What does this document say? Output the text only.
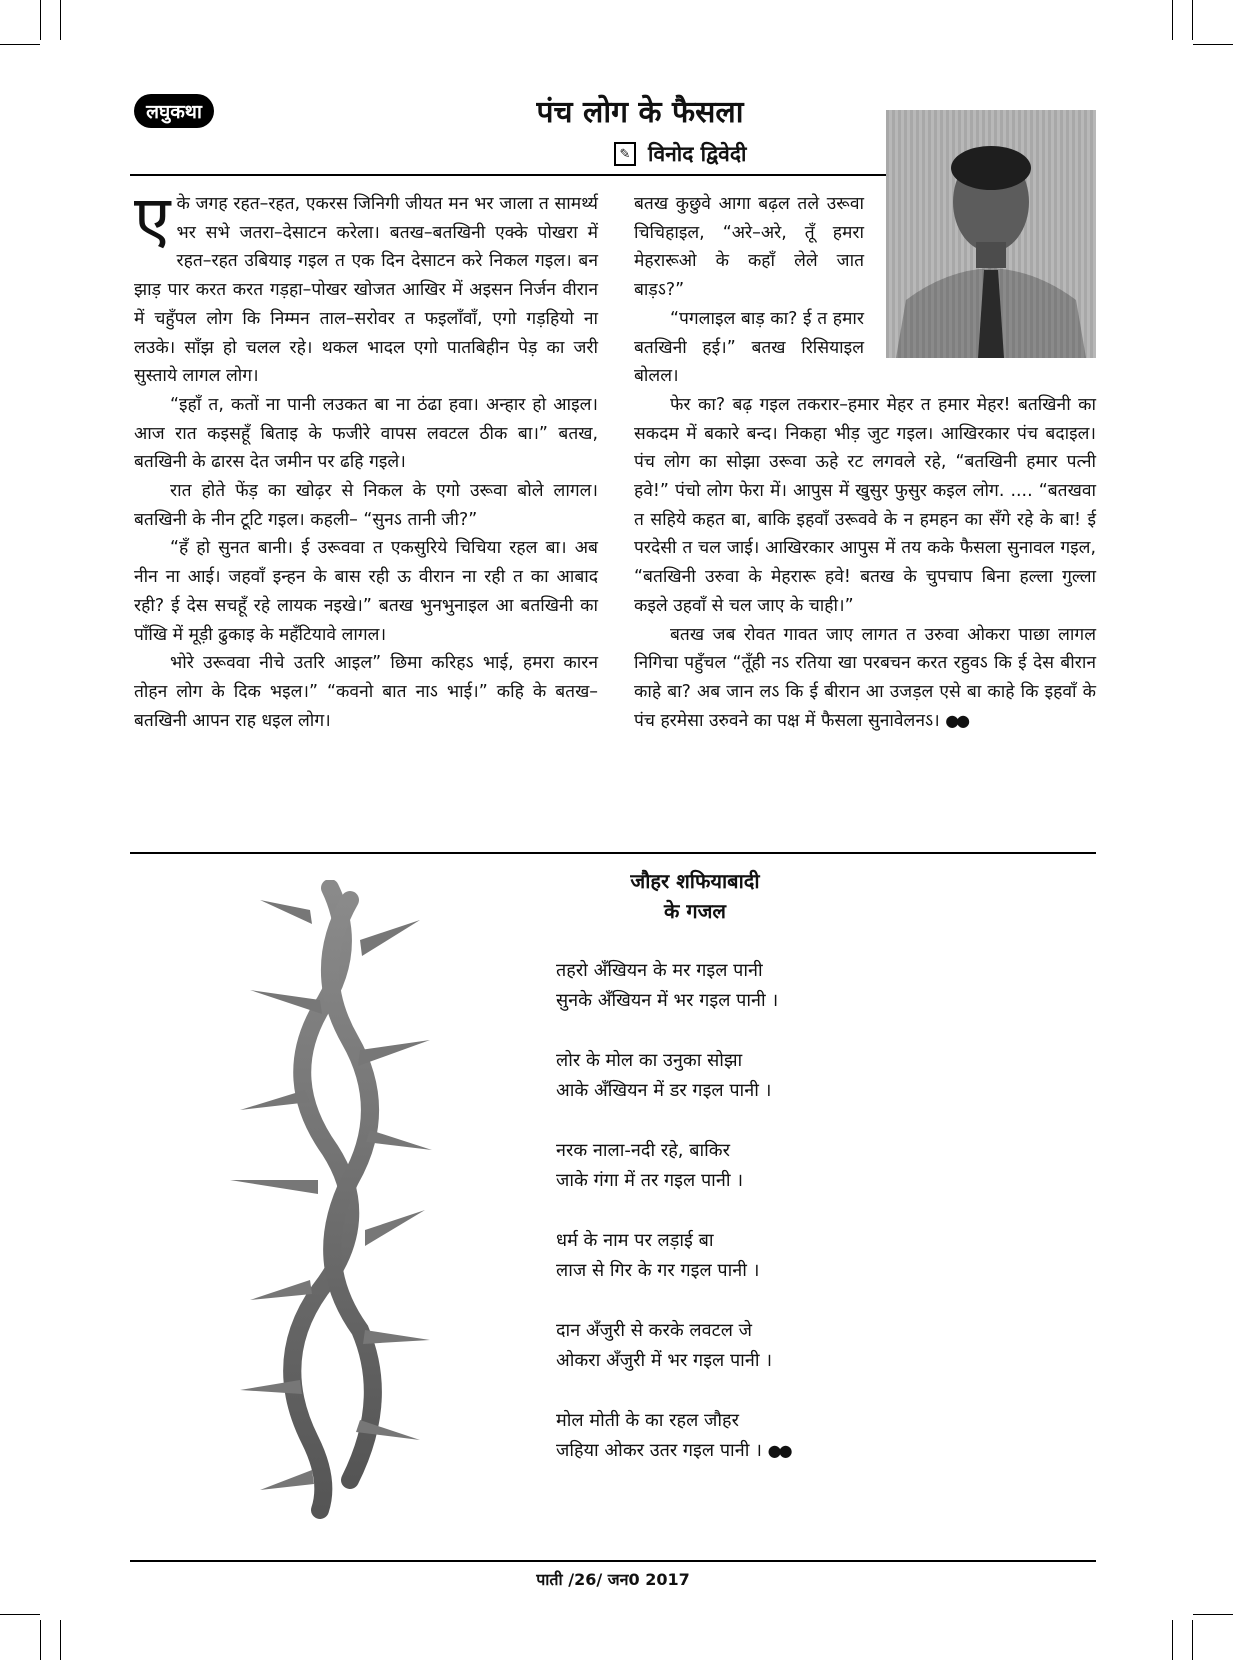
लघुकथा	पंच लोग के फैसला
✎ विनोद द्विवेदी

एके जगह रहत–रहत, एकरस जिनिगी जीयत मन भर जाला त सामर्थ्य भर सभे जतरा–देसाटन करेला। बतख–बतखिनी एक्के पोखरा में रहत–रहत उबियाइ गइल त एक दिन देसाटन करे निकल गइल। बन झाड़ पार करत करत गड़हा–पोखर खोजत आखिर में अइसन निर्जन वीरान में चहुँपल लोग कि निम्मन ताल–सरोवर त फइलाँवाँ, एगो गड़हियो ना लउके। साँझ हो चलल रहे। थकल भादल एगो पातबिहीन पेड़ का जरी सुस्ताये लागल लोग।

“इहाँ त, कतों ना पानी लउकत बा ना ठंढा हवा। अन्हार हो आइल। आज रात कइसहूँ बिताइ के फजीरे वापस लवटल ठीक बा।” बतख, बतखिनी के ढारस देत जमीन पर ढहि गइले।

रात होते फेंड़ का खोढ़र से निकल के एगो उरूवा बोले लागल। बतखिनी के नीन टूटि गइल। कहली– “सुनऽ तानी जी?”

“हँ हो सुनत बानी। ई उरूववा त एकसुरिये चिचिया रहल बा। अब नीन ना आई। जहवाँ इन्हन के बास रही ऊ वीरान ना रही त का आबाद रही? ई देस सचहूँ रहे लायक नइखे।” बतख भुनभुनाइल आ बतखिनी का पाँखि में मूड़ी ढुकाइ के महँटियावे लागल।

भोरे उरूववा नीचे उतरि आइल” छिमा करिहऽ भाई, हमरा कारन तोहन लोग के दिक भइल।” “कवनो बात नाऽ भाई।” कहि के बतख–बतखिनी आपन राह धइल लोग।

बतख कुछुवे आगा बढ़ल तले उरूवा चिचिहाइल, “अरे–अरे, तूँ हमरा मेहरारूओ के कहाँ लेले जात बाड़ऽ?”

“पगलाइल बाड़ का? ई त हमार बतखिनी हई।” बतख रिसियाइल बोलल।

फेर का? बढ़ गइल तकरार–हमार मेहर त हमार मेहर! बतखिनी का सकदम में बकारे बन्द। निकहा भीड़ जुट गइल। आखिरकार पंच बदाइल। पंच लोग का सोझा उरूवा ऊहे रट लगवले रहे, “बतखिनी हमार पत्नी हवे!” पंचो लोग फेरा में। आपुस में खुसुर फुसुर कइल लोग. .... “बतखवा त सहिये कहत बा, बाकि इहवाँ उरूववे के न हमहन का सँगे रहे के बा! ई परदेसी त चल जाई। आखिरकार आपुस में तय कके फैसला सुनावल गइल, “बतखिनी उरुवा के मेहरारू हवे! बतख के चुपचाप बिना हल्ला गुल्ला कइले उहवाँ से चल जाए के चाही।”

बतख जब रोवत गावत जाए लागत त उरुवा ओकरा पाछा लागल निगिचा पहुँचल “तूँही नऽ रतिया खा परबचन करत रहुवऽ कि ई देस बीरान काहे बा? अब जान लऽ कि ई बीरान आ उजड़ल एसे बा काहे कि इहवाँ के पंच हरमेसा उरुवने का पक्ष में फैसला सुनावेलनऽ। ●●

जौहर शफियाबादी
के गजल
तहरो अँखियन के मर गइल पानी
सुनके अँखियन में भर गइल पानी ।
लोर के मोल का उनुका सोझा
आके अँखियन में डर गइल पानी ।
नरक नाला-नदी रहे, बाकिर
जाके गंगा में तर गइल पानी ।
धर्म के नाम पर लड़ाई बा
लाज से गिर के गर गइल पानी ।
दान अँजुरी से करके लवटल जे
ओकरा अँजुरी में भर गइल पानी ।
मोल मोती के का रहल जौहर
जहिया ओकर उतर गइल पानी । ●●
पाती /26/ जन0 2017
